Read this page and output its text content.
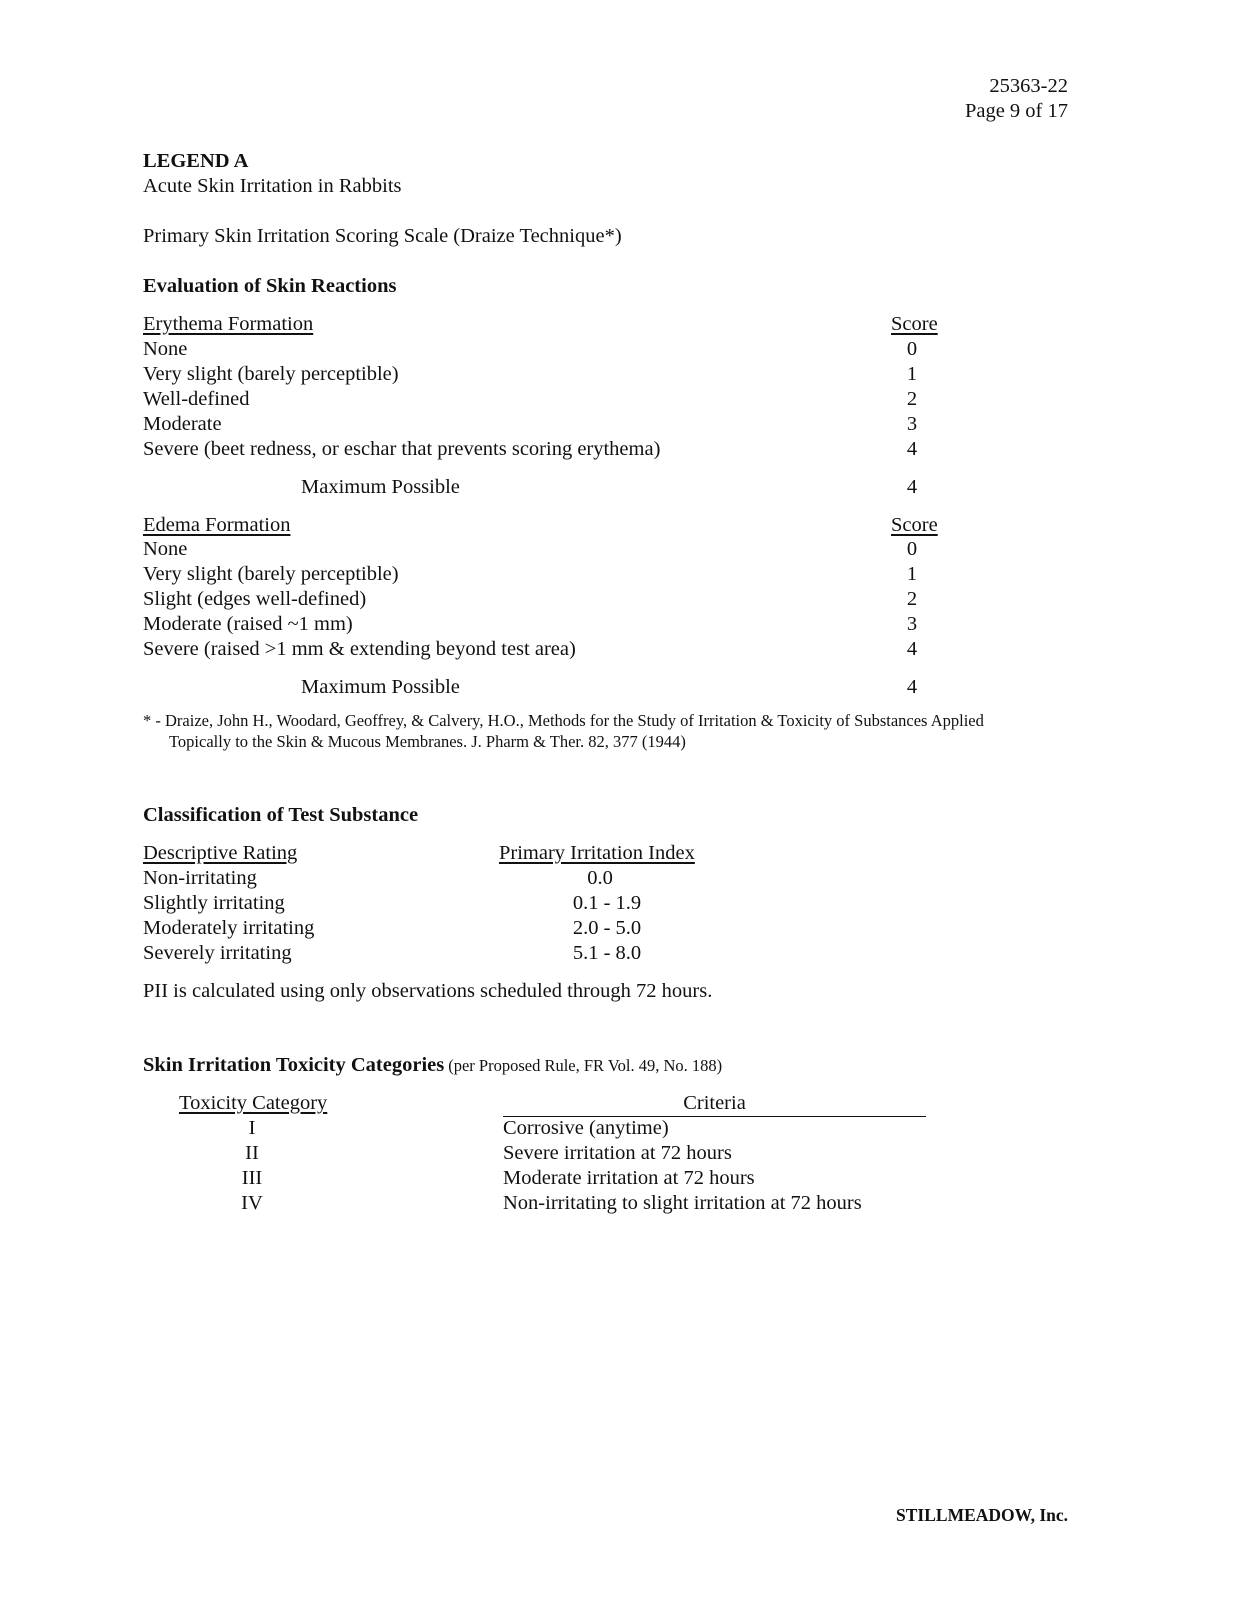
25363-22
Page 9 of 17
LEGEND A
Acute Skin Irritation in Rabbits
Primary Skin Irritation Scoring Scale (Draize Technique*)
Evaluation of Skin Reactions
Erythema Formation	Score
None	0
Very slight (barely perceptible)	1
Well-defined	2
Moderate	3
Severe (beet redness, or eschar that prevents scoring erythema)	4
Maximum Possible	4
Edema Formation	Score
None	0
Very slight (barely perceptible)	1
Slight (edges well-defined)	2
Moderate (raised ~1 mm)	3
Severe (raised >1 mm & extending beyond test area)	4
Maximum Possible	4
* - Draize, John H., Woodard, Geoffrey, & Calvery, H.O., Methods for the Study of Irritation & Toxicity of Substances Applied
Topically to the Skin & Mucous Membranes. J. Pharm & Ther. 82, 377 (1944)
Classification of Test Substance
Descriptive Rating	Primary Irritation Index
Non-irritating	0.0
Slightly irritating	0.1 - 1.9
Moderately irritating	2.0 - 5.0
Severely irritating	5.1 - 8.0
PII is calculated using only observations scheduled through 72 hours.
Skin Irritation Toxicity Categories (per Proposed Rule, FR Vol. 49, No. 188)
Toxicity Category	Criteria
I	Corrosive (anytime)
II	Severe irritation at 72 hours
III	Moderate irritation at 72 hours
IV	Non-irritating to slight irritation at 72 hours
STILLMEADOW, Inc.
